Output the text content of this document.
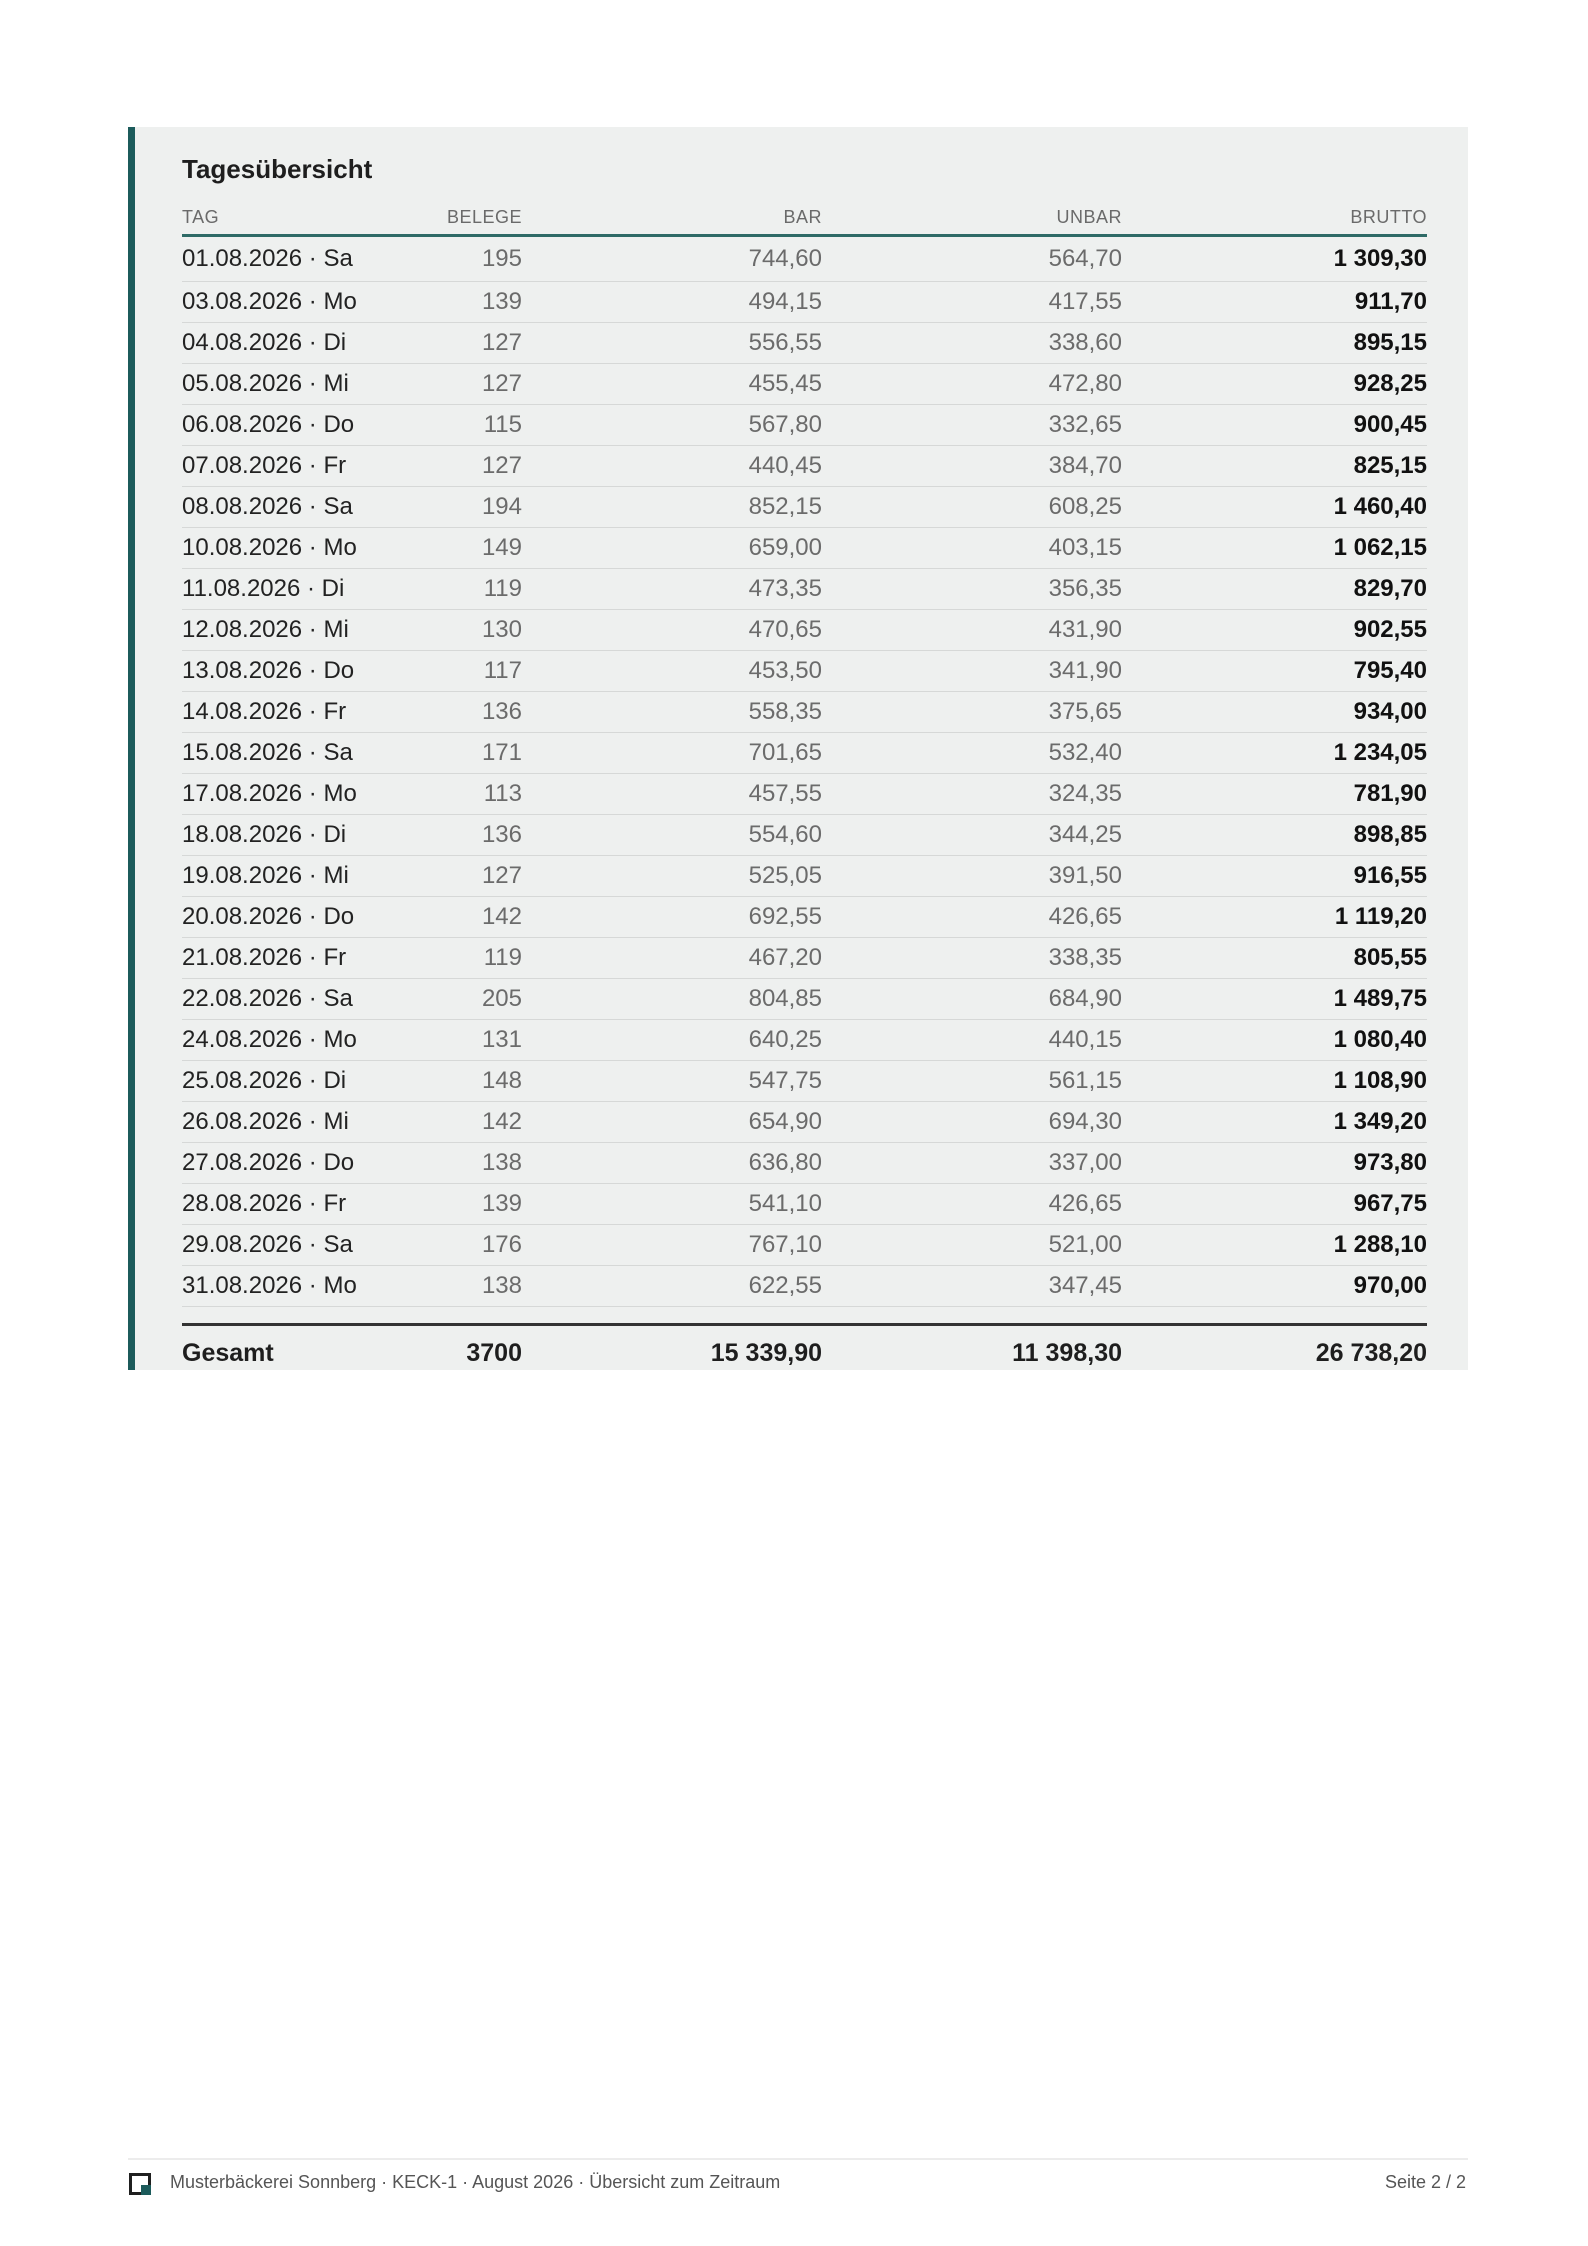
Tagesübersicht
TAG	BELEGE	BAR	UNBAR	BRUTTO
01.08.2026 · Sa	195	744,60	564,70	1 309,30
03.08.2026 · Mo	139	494,15	417,55	911,70
04.08.2026 · Di	127	556,55	338,60	895,15
05.08.2026 · Mi	127	455,45	472,80	928,25
06.08.2026 · Do	115	567,80	332,65	900,45
07.08.2026 · Fr	127	440,45	384,70	825,15
08.08.2026 · Sa	194	852,15	608,25	1 460,40
10.08.2026 · Mo	149	659,00	403,15	1 062,15
11.08.2026 · Di	119	473,35	356,35	829,70
12.08.2026 · Mi	130	470,65	431,90	902,55
13.08.2026 · Do	117	453,50	341,90	795,40
14.08.2026 · Fr	136	558,35	375,65	934,00
15.08.2026 · Sa	171	701,65	532,40	1 234,05
17.08.2026 · Mo	113	457,55	324,35	781,90
18.08.2026 · Di	136	554,60	344,25	898,85
19.08.2026 · Mi	127	525,05	391,50	916,55
20.08.2026 · Do	142	692,55	426,65	1 119,20
21.08.2026 · Fr	119	467,20	338,35	805,55
22.08.2026 · Sa	205	804,85	684,90	1 489,75
24.08.2026 · Mo	131	640,25	440,15	1 080,40
25.08.2026 · Di	148	547,75	561,15	1 108,90
26.08.2026 · Mi	142	654,90	694,30	1 349,20
27.08.2026 · Do	138	636,80	337,00	973,80
28.08.2026 · Fr	139	541,10	426,65	967,75
29.08.2026 · Sa	176	767,10	521,00	1 288,10
31.08.2026 · Mo	138	622,55	347,45	970,00

Gesamt	3700	15 339,90	11 398,30	26 738,20
Musterbäckerei Sonnberg · KECK-1 · August 2026 · Übersicht zum Zeitraum	Seite 2 / 2
